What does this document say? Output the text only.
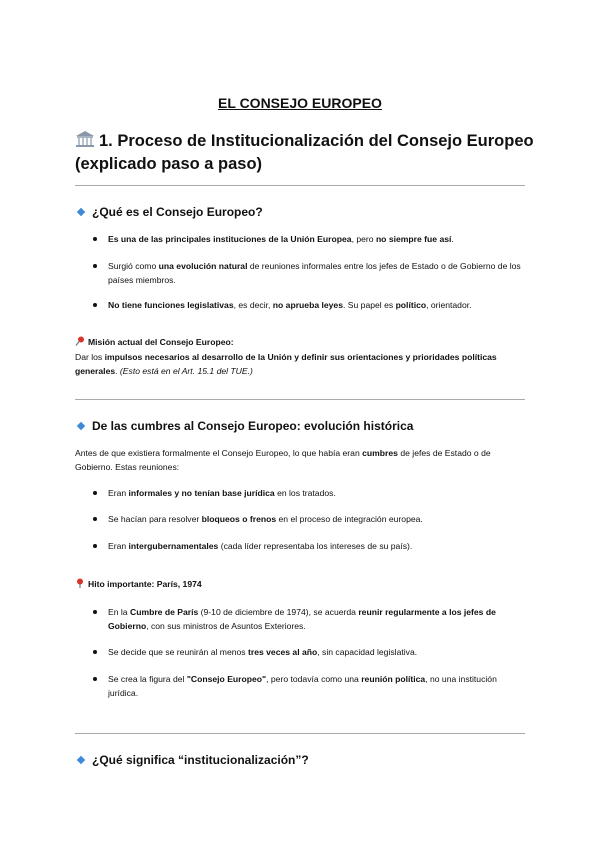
EL CONSEJO EUROPEO
1. Proceso de Institucionalización del Consejo Europeo
(explicado paso a paso)
¿Qué es el Consejo Europeo?
Es una de las principales instituciones de la Unión Europea, pero no siempre fue así.
Surgió como una evolución natural de reuniones informales entre los jefes de Estado o de Gobierno de los países miembros.
No tiene funciones legislativas, es decir, no aprueba leyes. Su papel es político, orientador.
Misión actual del Consejo Europeo:
Dar los impulsos necesarios al desarrollo de la Unión y definir sus orientaciones y prioridades políticas generales. (Esto está en el Art. 15.1 del TUE.)
De las cumbres al Consejo Europeo: evolución histórica
Antes de que existiera formalmente el Consejo Europeo, lo que había eran cumbres de jefes de Estado o de Gobierno. Estas reuniones:
Eran informales y no tenían base jurídica en los tratados.
Se hacían para resolver bloqueos o frenos en el proceso de integración europea.
Eran intergubernamentales (cada líder representaba los intereses de su país).
Hito importante: París, 1974
En la Cumbre de París (9-10 de diciembre de 1974), se acuerda reunir regularmente a los jefes de Gobierno, con sus ministros de Asuntos Exteriores.
Se decide que se reunirán al menos tres veces al año, sin capacidad legislativa.
Se crea la figura del "Consejo Europeo", pero todavía como una reunión política, no una institución jurídica.
¿Qué significa “institucionalización”?
